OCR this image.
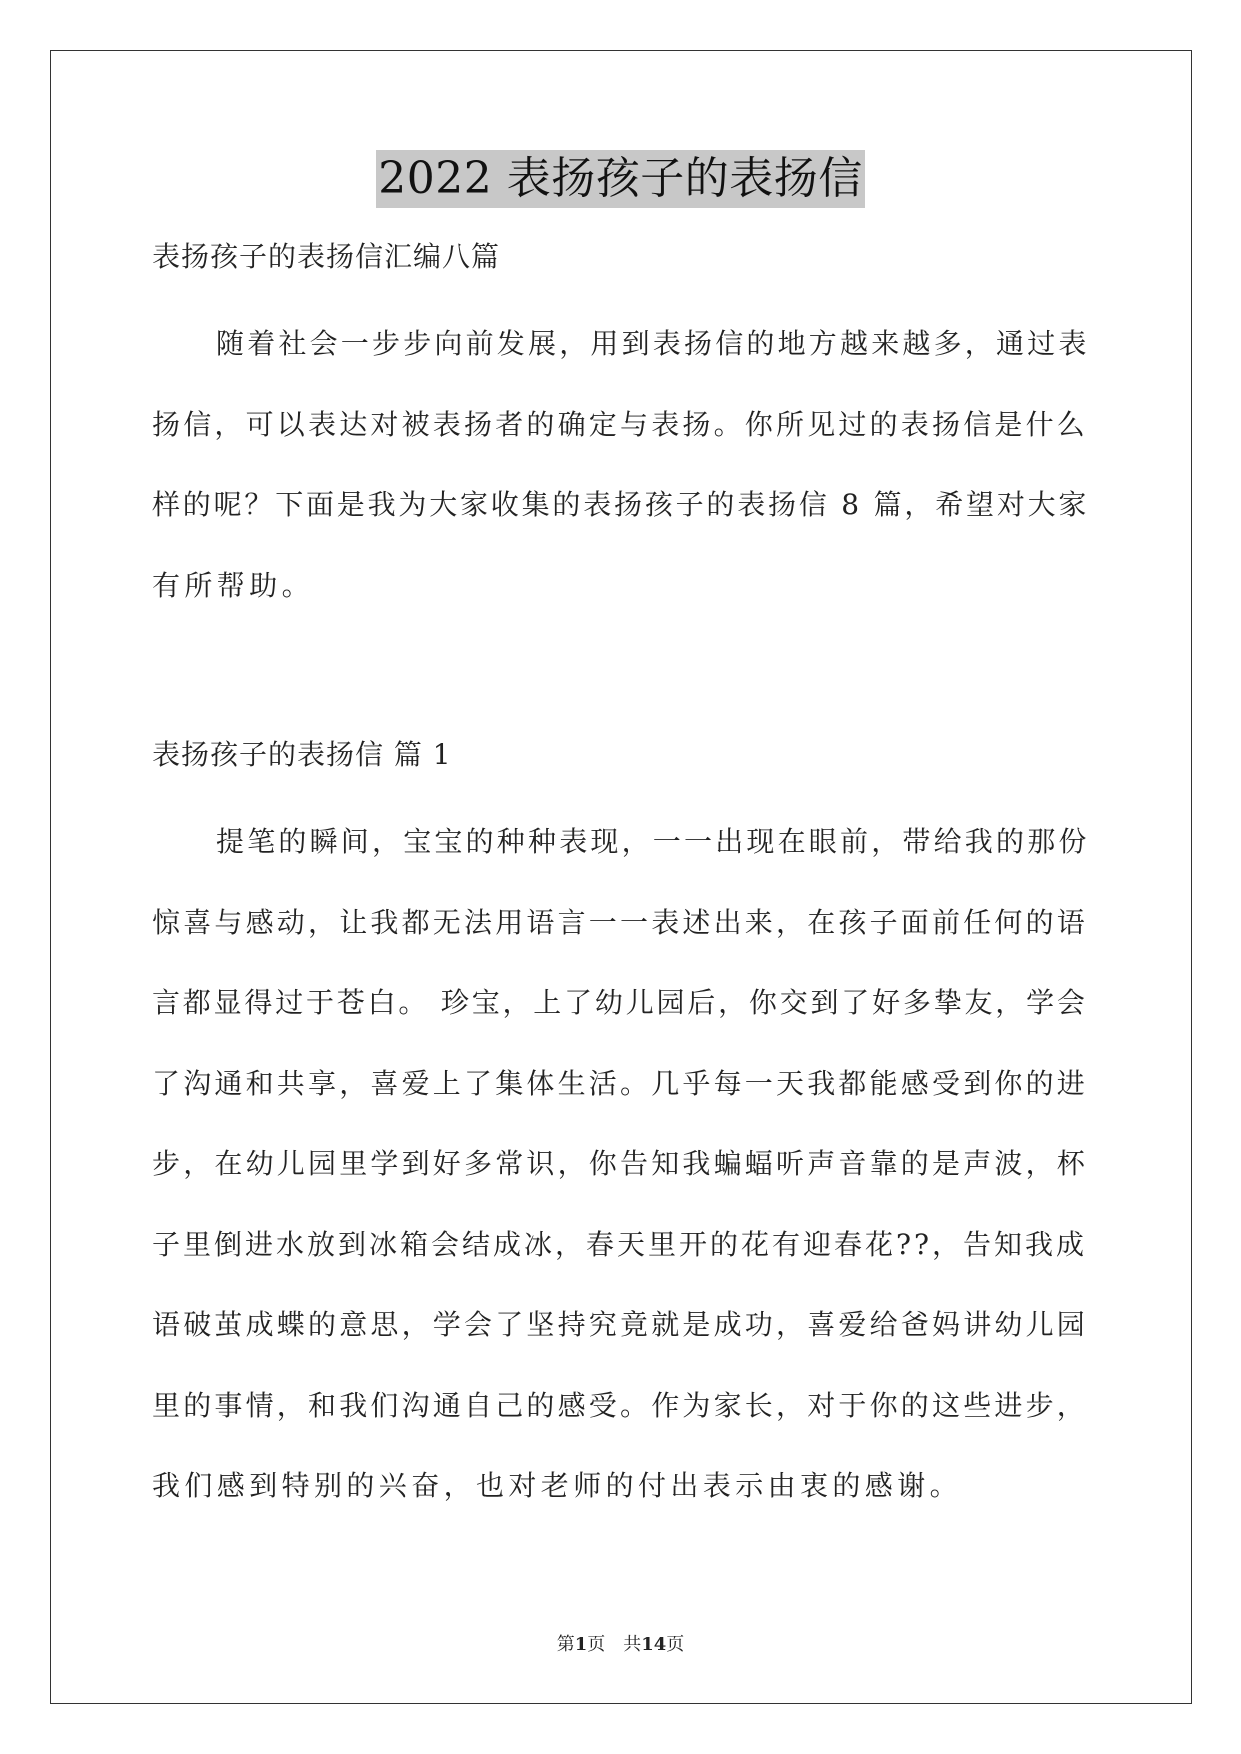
2022 表扬孩子的表扬信

表扬孩子的表扬信汇编八篇

随着社会一步步向前发展，用到表扬信的地方越来越多，通过表
扬信，可以表达对被表扬者的确定与表扬。你所见过的表扬信是什么
样的呢？下面是我为大家收集的表扬孩子的表扬信 8 篇，希望对大家
有所帮助。

表扬孩子的表扬信 篇 1

提笔的瞬间，宝宝的种种表现，一一出现在眼前，带给我的那份
惊喜与感动，让我都无法用语言一一表述出来，在孩子面前任何的语
言都显得过于苍白。 珍宝，上了幼儿园后，你交到了好多挚友，学会
了沟通和共享，喜爱上了集体生活。几乎每一天我都能感受到你的进
步，在幼儿园里学到好多常识，你告知我蝙蝠听声音靠的是声波，杯
子里倒进水放到冰箱会结成冰，春天里开的花有迎春花??，告知我成
语破茧成蝶的意思，学会了坚持究竟就是成功，喜爱给爸妈讲幼儿园
里的事情，和我们沟通自己的感受。作为家长，对于你的这些进步，
我们感到特别的兴奋，也对老师的付出表示由衷的感谢。
第1页 共14页
